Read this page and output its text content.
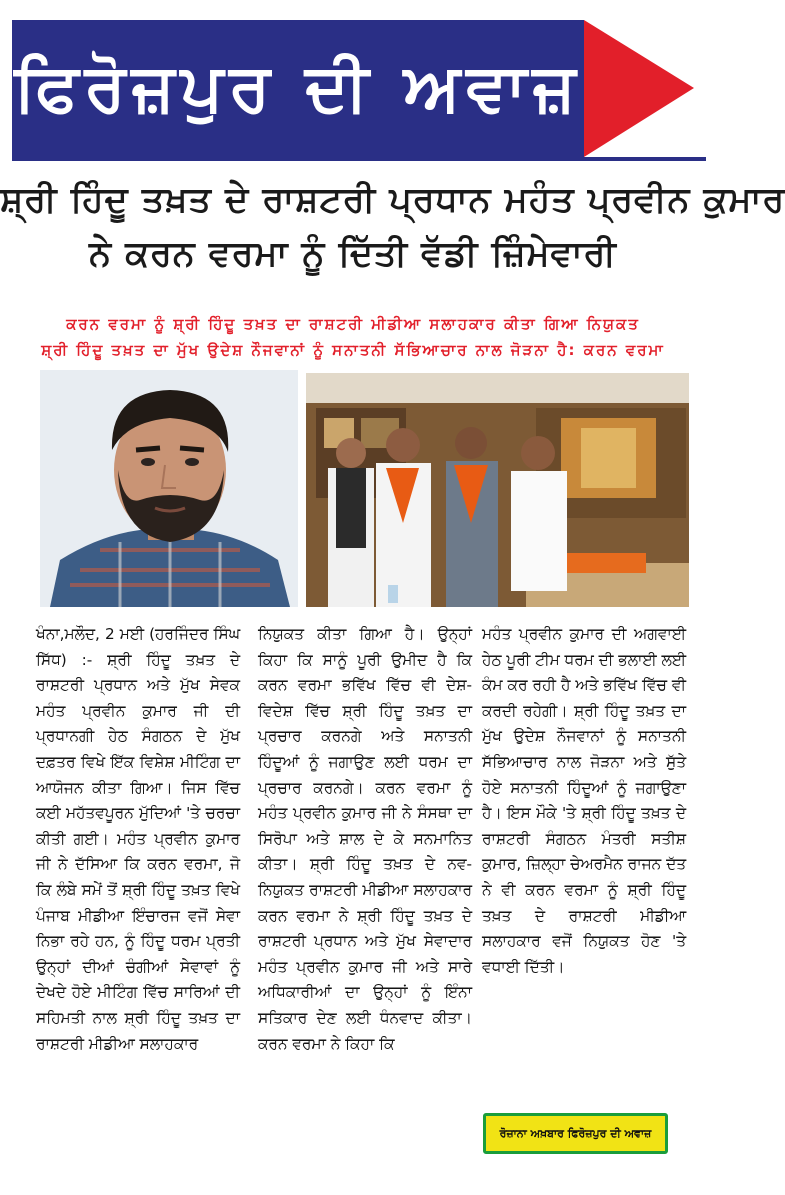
ਫਿਰੋਜ਼ਪੁਰ ਦੀ ਅਵਾਜ਼
ਸ਼੍ਰੀ ਹਿੰਦੂ ਤਖ਼ਤ ਦੇ ਰਾਸ਼ਟਰੀ ਪ੍ਰਧਾਨ ਮਹੰਤ ਪ੍ਰਵੀਨ ਕੁਮਾਰ
ਨੇ ਕਰਨ ਵਰਮਾ ਨੂੰ ਦਿੱਤੀ ਵੱਡੀ ਜ਼ਿੰਮੇਵਾਰੀ
ਕਰਨ ਵਰਮਾ ਨੂੰ ਸ਼੍ਰੀ ਹਿੰਦੂ ਤਖ਼ਤ ਦਾ ਰਾਸ਼ਟਰੀ ਮੀਡੀਆ ਸਲਾਹਕਾਰ ਕੀਤਾ ਗਿਆ ਨਿਯੁਕਤ
ਸ਼੍ਰੀ ਹਿੰਦੂ ਤਖ਼ਤ ਦਾ ਮੁੱਖ ਉਦੇਸ਼ ਨੌਜਵਾਨਾਂ ਨੂੰ ਸਨਾਤਨੀ ਸੱਭਿਆਚਾਰ ਨਾਲ ਜੋੜਨਾ ਹੈ: ਕਰਨ ਵਰਮਾ
ਖੰਨਾ,ਮਲੌਦ, 2 ਮਈ (ਹਰਜਿੰਦਰ ਸਿੰਘ ਸਿੱਧ) :- ਸ਼੍ਰੀ ਹਿੰਦੂ ਤਖ਼ਤ ਦੇ ਰਾਸ਼ਟਰੀ ਪ੍ਰਧਾਨ ਅਤੇ ਮੁੱਖ ਸੇਵਕ ਮਹੰਤ ਪ੍ਰਵੀਨ ਕੁਮਾਰ ਜੀ ਦੀ ਪ੍ਰਧਾਨਗੀ ਹੇਠ ਸੰਗਠਨ ਦੇ ਮੁੱਖ ਦਫ਼ਤਰ ਵਿਖੇ ਇੱਕ ਵਿਸ਼ੇਸ਼ ਮੀਟਿੰਗ ਦਾ ਆਯੋਜਨ ਕੀਤਾ ਗਿਆ। ਜਿਸ ਵਿੱਚ ਕਈ ਮਹੱਤਵਪੂਰਨ ਮੁੱਦਿਆਂ 'ਤੇ ਚਰਚਾ ਕੀਤੀ ਗਈ। ਮਹੰਤ ਪ੍ਰਵੀਨ ਕੁਮਾਰ ਜੀ ਨੇ ਦੱਸਿਆ ਕਿ ਕਰਨ ਵਰਮਾ, ਜੋ ਕਿ ਲੰਬੇ ਸਮੇਂ ਤੋਂ ਸ਼੍ਰੀ ਹਿੰਦੂ ਤਖ਼ਤ ਵਿਖੇ ਪੰਜਾਬ ਮੀਡੀਆ ਇੰਚਾਰਜ ਵਜੋਂ ਸੇਵਾ ਨਿਭਾ ਰਹੇ ਹਨ, ਨੂੰ ਹਿੰਦੂ ਧਰਮ ਪ੍ਰਤੀ ਉਨ੍ਹਾਂ ਦੀਆਂ ਚੰਗੀਆਂ ਸੇਵਾਵਾਂ ਨੂੰ ਦੇਖਦੇ ਹੋਏ ਮੀਟਿੰਗ ਵਿੱਚ ਸਾਰਿਆਂ ਦੀ ਸਹਿਮਤੀ ਨਾਲ ਸ਼੍ਰੀ ਹਿੰਦੂ ਤਖ਼ਤ ਦਾ ਰਾਸ਼ਟਰੀ ਮੀਡੀਆ ਸਲਾਹਕਾਰ
ਨਿਯੁਕਤ ਕੀਤਾ ਗਿਆ ਹੈ। ਉਨ੍ਹਾਂ ਕਿਹਾ ਕਿ ਸਾਨੂੰ ਪੂਰੀ ਉਮੀਦ ਹੈ ਕਿ ਕਰਨ ਵਰਮਾ ਭਵਿੱਖ ਵਿੱਚ ਵੀ ਦੇਸ਼-ਵਿਦੇਸ਼ ਵਿੱਚ ਸ਼੍ਰੀ ਹਿੰਦੂ ਤਖ਼ਤ ਦਾ ਪ੍ਰਚਾਰ ਕਰਨਗੇ ਅਤੇ ਸਨਾਤਨੀ ਹਿੰਦੂਆਂ ਨੂੰ ਜਗਾਉਣ ਲਈ ਧਰਮ ਦਾ ਪ੍ਰਚਾਰ ਕਰਨਗੇ। ਕਰਨ ਵਰਮਾ ਨੂੰ ਮਹੰਤ ਪ੍ਰਵੀਨ ਕੁਮਾਰ ਜੀ ਨੇ ਸੰਸਥਾ ਦਾ ਸਿਰੋਪਾ ਅਤੇ ਸ਼ਾਲ ਦੇ ਕੇ ਸਨਮਾਨਿਤ ਕੀਤਾ। ਸ਼੍ਰੀ ਹਿੰਦੂ ਤਖ਼ਤ ਦੇ ਨਵ-ਨਿਯੁਕਤ ਰਾਸ਼ਟਰੀ ਮੀਡੀਆ ਸਲਾਹਕਾਰ ਕਰਨ ਵਰਮਾ ਨੇ ਸ਼੍ਰੀ ਹਿੰਦੂ ਤਖ਼ਤ ਦੇ ਰਾਸ਼ਟਰੀ ਪ੍ਰਧਾਨ ਅਤੇ ਮੁੱਖ ਸੇਵਾਦਾਰ ਮਹੰਤ ਪ੍ਰਵੀਨ ਕੁਮਾਰ ਜੀ ਅਤੇ ਸਾਰੇ ਅਧਿਕਾਰੀਆਂ ਦਾ ਉਨ੍ਹਾਂ ਨੂੰ ਇੰਨਾ ਸਤਿਕਾਰ ਦੇਣ ਲਈ ਧੰਨਵਾਦ ਕੀਤਾ। ਕਰਨ ਵਰਮਾ ਨੇ ਕਿਹਾ ਕਿ
ਮਹੰਤ ਪ੍ਰਵੀਨ ਕੁਮਾਰ ਦੀ ਅਗਵਾਈ ਹੇਠ ਪੂਰੀ ਟੀਮ ਧਰਮ ਦੀ ਭਲਾਈ ਲਈ ਕੰਮ ਕਰ ਰਹੀ ਹੈ ਅਤੇ ਭਵਿੱਖ ਵਿੱਚ ਵੀ ਕਰਦੀ ਰਹੇਗੀ। ਸ਼੍ਰੀ ਹਿੰਦੂ ਤਖ਼ਤ ਦਾ ਮੁੱਖ ਉਦੇਸ਼ ਨੌਜਵਾਨਾਂ ਨੂੰ ਸਨਾਤਨੀ ਸੱਭਿਆਚਾਰ ਨਾਲ ਜੋੜਨਾ ਅਤੇ ਸੁੱਤੇ ਹੋਏ ਸਨਾਤਨੀ ਹਿੰਦੂਆਂ ਨੂੰ ਜਗਾਉਣਾ ਹੈ। ਇਸ ਮੌਕੇ 'ਤੇ ਸ਼੍ਰੀ ਹਿੰਦੂ ਤਖ਼ਤ ਦੇ ਰਾਸ਼ਟਰੀ ਸੰਗਠਨ ਮੰਤਰੀ ਸਤੀਸ਼ ਕੁਮਾਰ, ਜ਼ਿਲ੍ਹਾ ਚੇਅਰਮੈਨ ਰਾਜਨ ਦੱਤ ਨੇ ਵੀ ਕਰਨ ਵਰਮਾ ਨੂੰ ਸ਼੍ਰੀ ਹਿੰਦੂ ਤਖ਼ਤ ਦੇ ਰਾਸ਼ਟਰੀ ਮੀਡੀਆ ਸਲਾਹਕਾਰ ਵਜੋਂ ਨਿਯੁਕਤ ਹੋਣ 'ਤੇ ਵਧਾਈ ਦਿੱਤੀ।
ਰੋਜ਼ਾਨਾ ਅਖ਼ਬਾਰ ਫਿਰੋਜ਼ਪੁਰ ਦੀ ਅਵਾਜ਼
